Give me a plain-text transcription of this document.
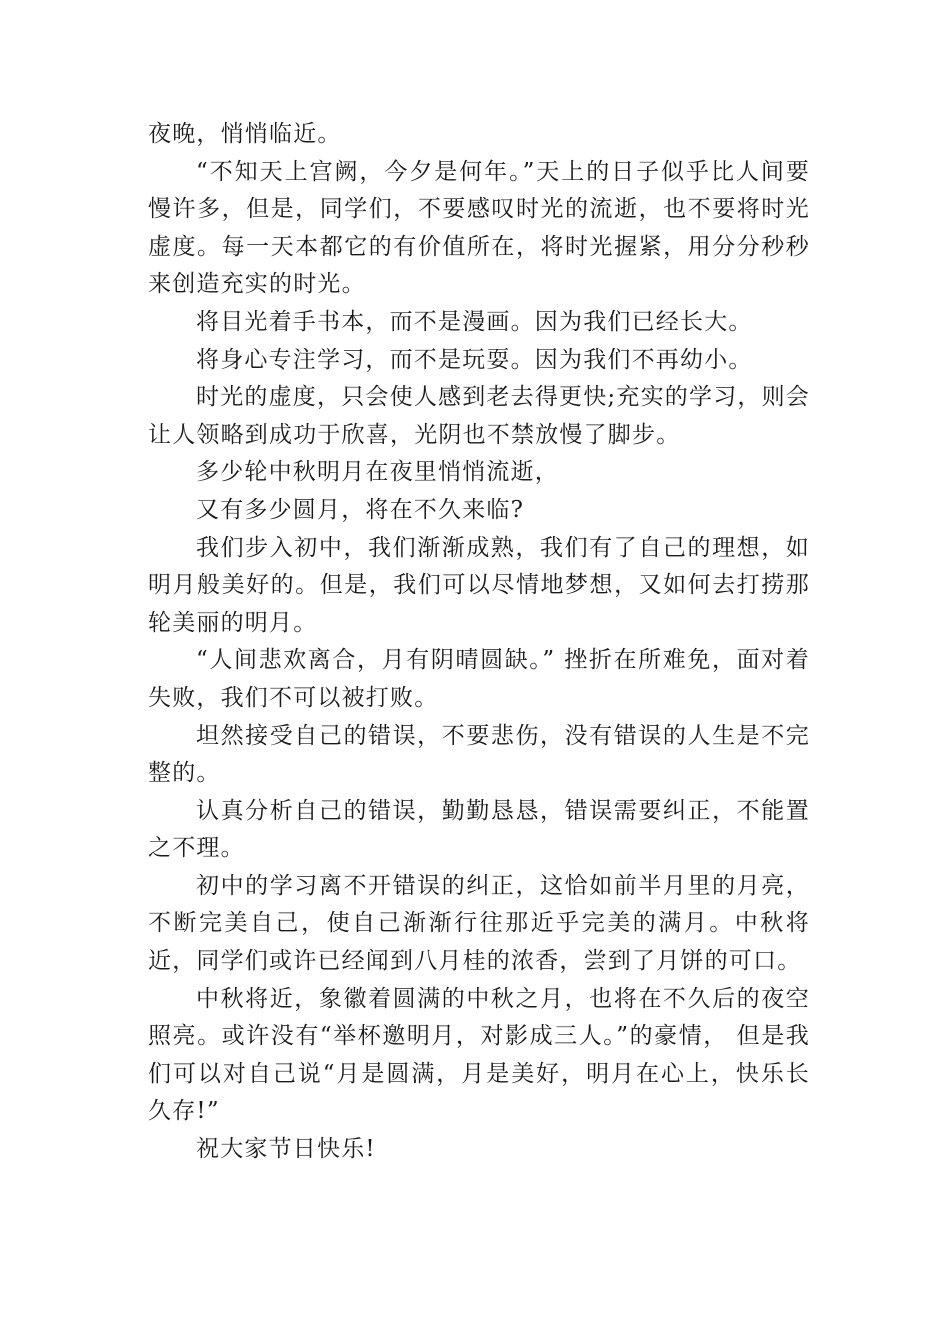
夜晚，悄悄临近。

“不知天上宫阙，今夕是何年。”天上的日子似乎比人间要慢许多，但是，同学们，不要感叹时光的流逝，也不要将时光虚度。每一天本都它的有价值所在，将时光握紧，用分分秒秒来创造充实的时光。

将目光着手书本，而不是漫画。因为我们已经长大。

将身心专注学习，而不是玩耍。因为我们不再幼小。

时光的虚度，只会使人感到老去得更快;充实的学习，则会让人领略到成功于欣喜，光阴也不禁放慢了脚步。

多少轮中秋明月在夜里悄悄流逝，

又有多少圆月，将在不久来临?

我们步入初中，我们渐渐成熟，我们有了自己的理想，如明月般美好的。但是，我们可以尽情地梦想，又如何去打捞那轮美丽的明月。

“人间悲欢离合，月有阴晴圆缺。” 挫折在所难免，面对着失败，我们不可以被打败。

坦然接受自己的错误，不要悲伤，没有错误的人生是不完整的。

认真分析自己的错误，勤勤恳恳，错误需要纠正，不能置之不理。

初中的学习离不开错误的纠正，这恰如前半月里的月亮，不断完美自己，使自己渐渐行往那近乎完美的满月。中秋将近，同学们或许已经闻到八月桂的浓香，尝到了月饼的可口。

中秋将近，象徽着圆满的中秋之月，也将在不久后的夜空照亮。或许没有“举杯邀明月，对影成三人。”的豪情， 但是我们可以对自己说“月是圆满，月是美好，明月在心上，快乐长久存!”

祝大家节日快乐!
